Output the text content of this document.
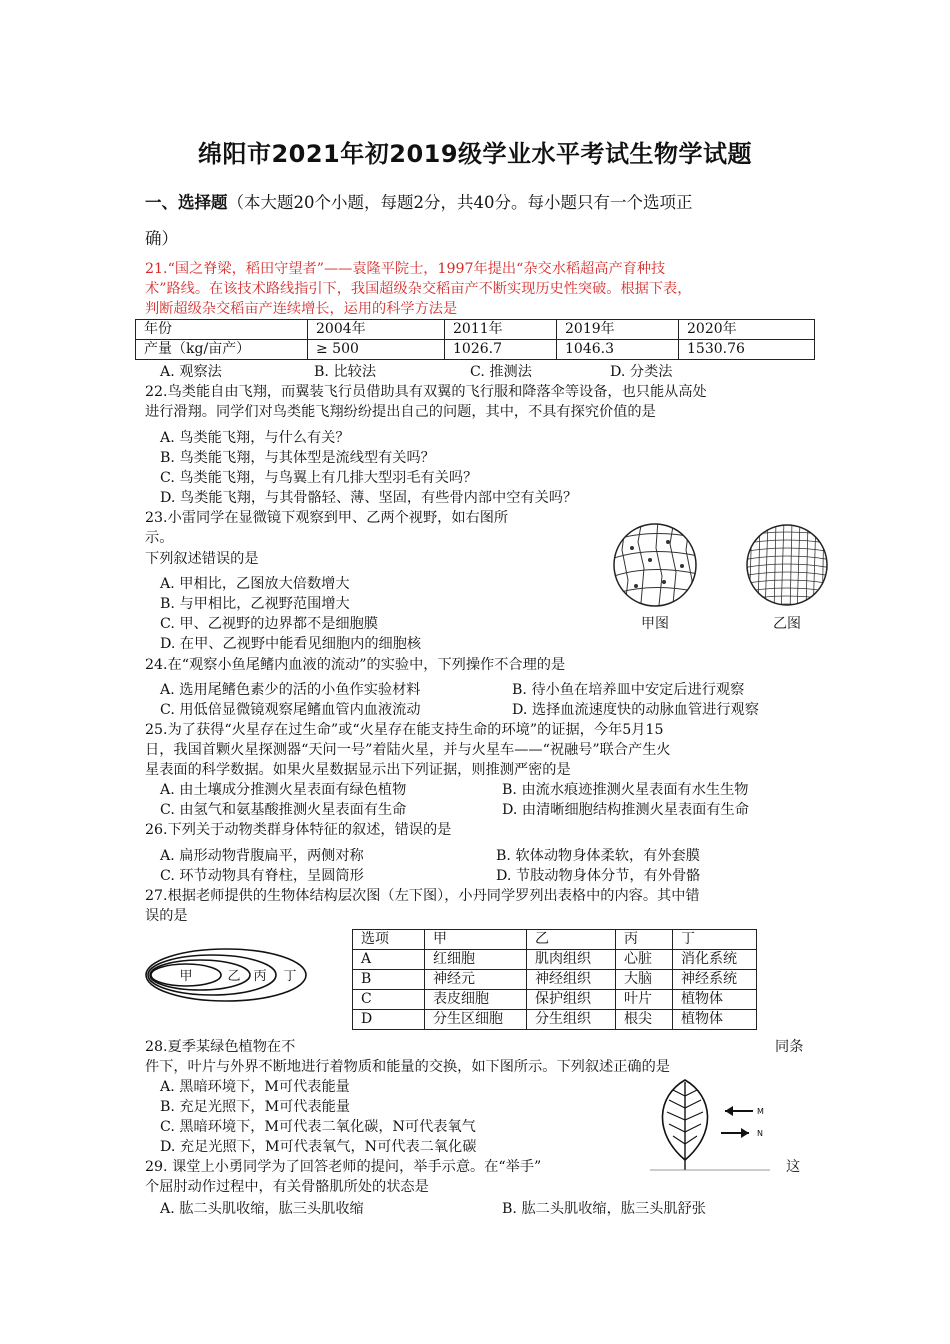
绵阳市2021年初2019级学业水平考试生物学试题
一、选择题（本大题20个小题，每题2分，共40分。每小题只有一个选项正
确）
21.“国之脊梁，稻田守望者”——袁隆平院士，1997年提出“杂交水稻超高产育种技
术”路线。在该技术路线指引下，我国超级杂交稻亩产不断实现历史性突破。根据下表，
判断超级杂交稻亩产连续增长，运用的科学方法是
年份	2004年	2011年	2019年	2020年
产量（kg/亩产）	≥ 500	1026.7	1046.3	1530.76
A. 观察法	B. 比较法	C. 推测法	D. 分类法
22.鸟类能自由飞翔，而翼装飞行员借助具有双翼的飞行服和降落伞等设备，也只能从高处
进行滑翔。同学们对鸟类能飞翔纷纷提出自己的问题，其中，不具有探究价值的是
A. 鸟类能飞翔，与什么有关？
B. 鸟类能飞翔，与其体型是流线型有关吗？
C. 鸟类能飞翔，与鸟翼上有几排大型羽毛有关吗？
D. 鸟类能飞翔，与其骨骼轻、薄、坚固，有些骨内部中空有关吗？
23.小雷同学在显微镜下观察到甲、乙两个视野，如右图所
示。
下列叙述错误的是
A. 甲相比，乙图放大倍数增大
B. 与甲相比，乙视野范围增大
C. 甲、乙视野的边界都不是细胞膜
D. 在甲、乙视野中能看见细胞内的细胞核
甲图	乙图
24.在“观察小鱼尾鳍内血液的流动”的实验中，下列操作不合理的是
A. 选用尾鳍色素少的活的小鱼作实验材料	B. 待小鱼在培养皿中安定后进行观察
C. 用低倍显微镜观察尾鳍血管内血液流动	D. 选择血流速度快的动脉血管进行观察
25.为了获得“火星存在过生命”或“火星存在能支持生命的环境”的证据，今年5月15
日，我国首颗火星探测器“天问一号”着陆火星，并与火星车——“祝融号”联合产生火
星表面的科学数据。如果火星数据显示出下列证据，则推测严密的是
A. 由土壤成分推测火星表面有绿色植物	B. 由流水痕迹推测火星表面有水生生物
C. 由氢气和氨基酸推测火星表面有生命	D. 由清晰细胞结构推测火星表面有生命
26.下列关于动物类群身体特征的叙述，错误的是
A. 扁形动物背腹扁平，两侧对称	B. 软体动物身体柔软，有外套膜
C. 环节动物具有脊柱，呈圆筒形	D. 节肢动物身体分节，有外骨骼
27.根据老师提供的生物体结构层次图（左下图），小丹同学罗列出表格中的内容。其中错
误的是
甲	乙 丙 丁
选项	甲	乙	丙	丁
A	红细胞	肌肉组织	心脏	消化系统
B	神经元	神经组织	大脑	神经系统
C	表皮细胞	保护组织	叶片	植物体
D	分生区细胞	分生组织	根尖	植物体
28.夏季某绿色植物在不	同条
件下，叶片与外界不断地进行着物质和能量的交换，如下图所示。下列叙述正确的是
A. 黑暗环境下，M可代表能量
B. 充足光照下，M可代表能量
C. 黑暗环境下，M可代表二氧化碳，N可代表氧气
D. 充足光照下，M可代表氧气，N可代表二氧化碳
M
N
29. 课堂上小勇同学为了回答老师的提问，举手示意。在“举手”	这
个屈肘动作过程中，有关骨骼肌所处的状态是
A. 肱二头肌收缩，肱三头肌收缩	B. 肱二头肌收缩，肱三头肌舒张
